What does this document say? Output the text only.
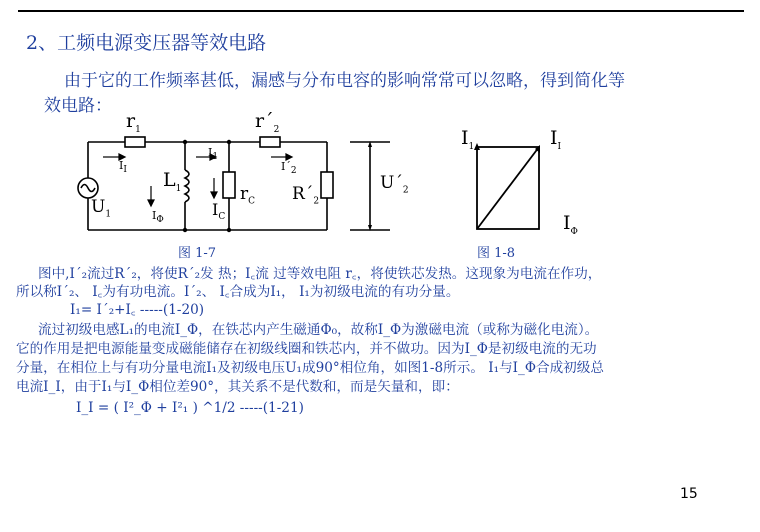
2、工频电源变压器等效电路
由于它的工作频率甚低，漏感与分布电容的影响常常可以忽略，得到简化等
效电路：
$r_1$	$r´_2$
$I_I$
$I_\Phi$
$L_1$
$I_1$
$I_C$
$r_C$
$I´_2$
$R´_2$
$U_1$
$U´_2$
$I_1$	$I_I$
$I_\Phi$
图 1-7	图 1-8
图中,I´₂流过R´₂，将使R´₂发 热；I꜀流 过等效电阻 r꜀，将使铁芯发热。这现象为电流在作功，
所以称I´₂、 I꜀为有功电流。I´₂、 I꜀合成为I₁， I₁为初级电流的有功分量。
I₁= I´₂+I꜀ -----(1-20)
流过初级电感L₁的电流I_Φ，在铁芯内产生磁通Φ₀，故称I_Φ为激磁电流（或称为磁化电流）。
它的作用是把电源能量变成磁能储存在初级线圈和铁芯内，并不做功。因为I_Φ是初级电流的无功
分量，在相位上与有功分量电流I₁及初级电压U₁成90°相位角，如图1-8所示。 I₁与I_Φ合成初级总
电流I_I，由于I₁与I_Φ相位差90°，其关系不是代数和，而是矢量和，即：
I_I = ( I²_Φ + I²₁ ) ^1/2 -----(1-21)
15
